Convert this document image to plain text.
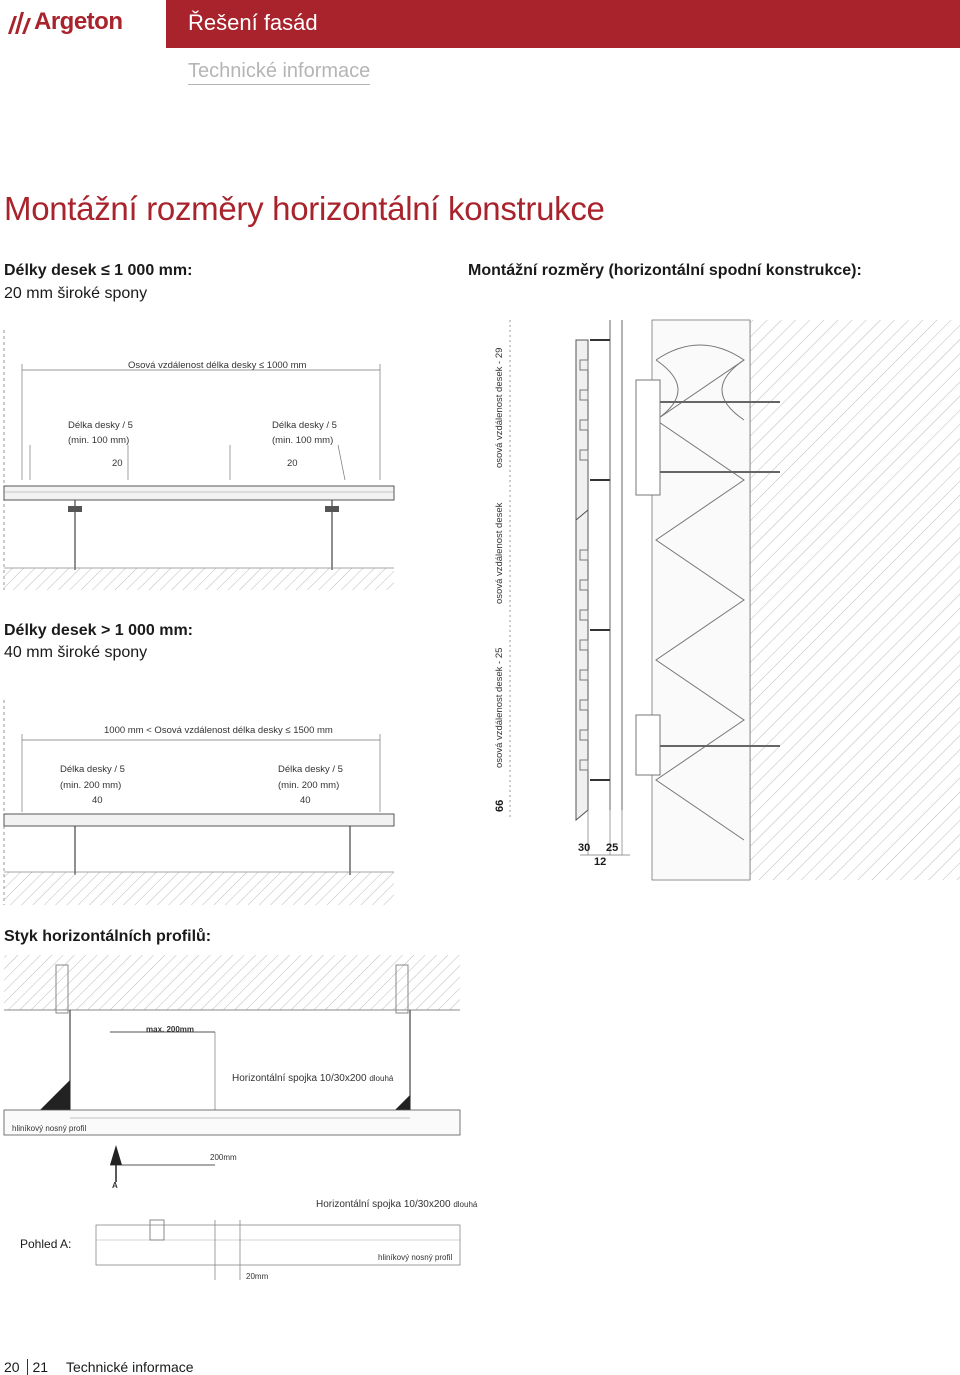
Argeton	Řešení fasád
Technické informace
Montážní rozměry horizontální konstrukce
Délky desek ≤ 1 000 mm:
20 mm široké spony
Montážní rozměry (horizontální spodní konstrukce):
Osová vzdálenost délka desky ≤ 1000 mm
Délka desky / 5
(min. 100 mm)
20
Délka desky / 5
(min. 100 mm)
20
Délky desek > 1 000 mm:
40 mm široké spony
1000 mm < Osová vzdálenost délka desky ≤ 1500 mm
Délka desky / 5
(min. 200 mm)
40
Délka desky / 5
(min. 200 mm)
40
osová vzdálenost desek - 29
osová vzdálenost desek
osová vzdálenost desek - 25
66
30 25
12
Styk horizontálních profilů:
max. 200mm
Horizontální spojka 10/30x200 dlouhá
hliníkový nosný profil
200mm
A
Horizontální spojka 10/30x200 dlouhá
Pohled A:
hliníkový nosný profil
20mm
20 21 Technické informace
